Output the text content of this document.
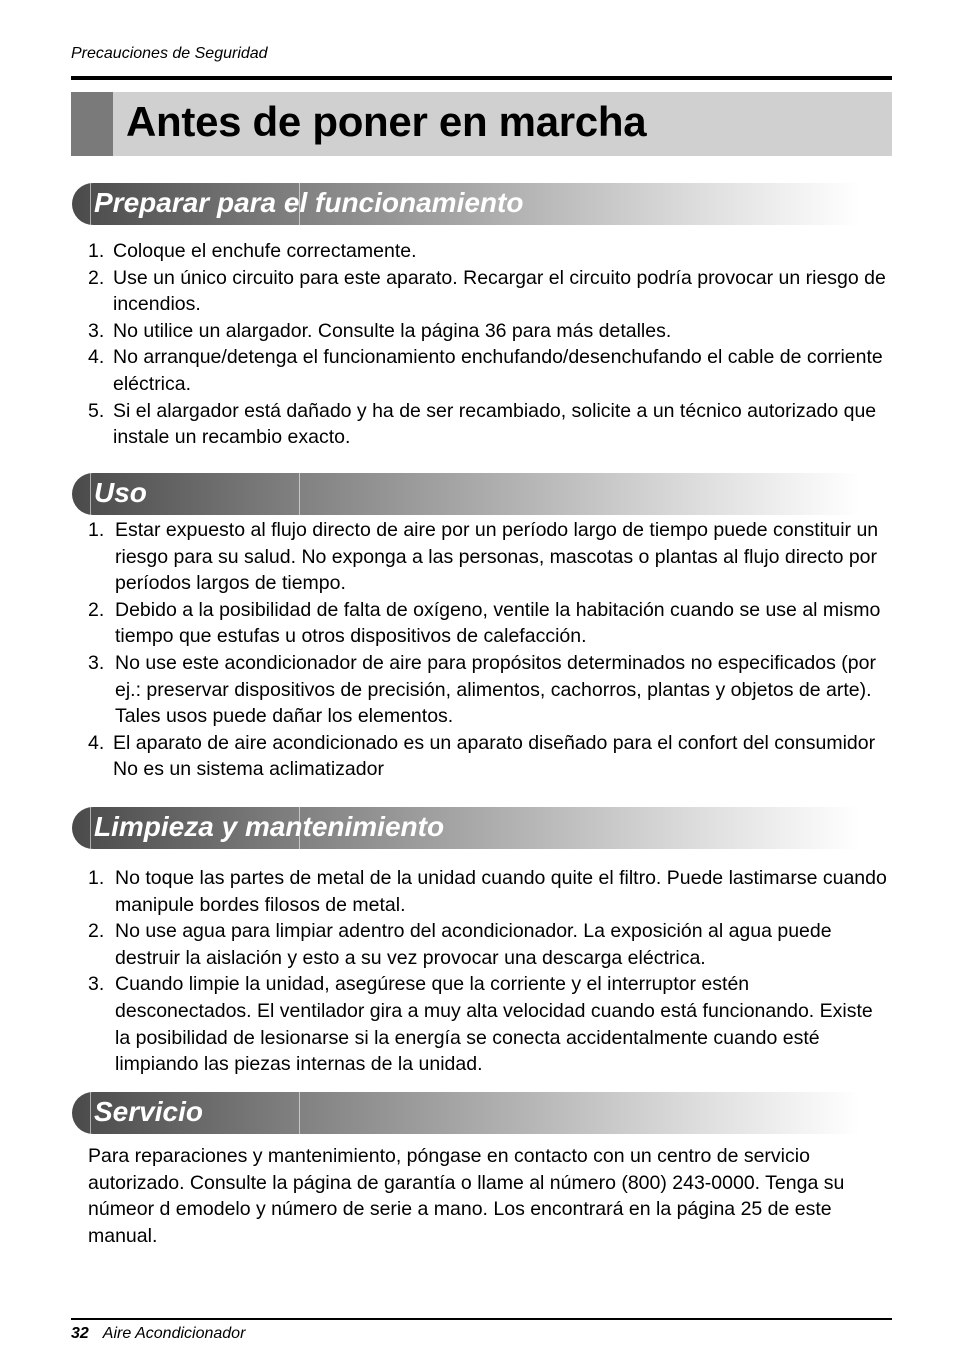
Precauciones de Seguridad
Antes de poner en marcha
Preparar para el funcionamiento
1. Coloque el enchufe correctamente.
2. Use un único circuito para este aparato. Recargar el circuito podría provocar un riesgo de incendios.
3. No utilice un alargador. Consulte la página 36 para más detalles.
4. No arranque/detenga el funcionamiento enchufando/desenchufando el cable de corriente eléctrica.
5. Si el alargador está dañado y ha de ser recambiado, solicite a un técnico autorizado que instale un recambio exacto.
Uso
1. Estar expuesto al flujo directo de aire por un período largo de tiempo puede constituir un riesgo para su salud. No exponga a las personas, mascotas o plantas al flujo directo por períodos largos de tiempo.
2. Debido a la posibilidad de falta de oxígeno, ventile la habitación cuando se use al mismo tiempo que estufas u otros dispositivos de calefacción.
3. No use este acondicionador de aire para propósitos determinados no especificados (por ej.: preservar dispositivos de precisión, alimentos, cachorros, plantas y objetos de arte). Tales usos puede dañar los elementos.
4. El aparato de aire acondicionado es un aparato diseñado para el confort del consumidor No es un sistema aclimatizador
Limpieza y mantenimiento
1. No toque las partes de metal de la unidad cuando quite el filtro. Puede lastimarse cuando manipule bordes filosos de metal.
2. No use agua para limpiar adentro del acondicionador. La exposición al agua puede destruir la aislación y esto a su vez provocar una descarga eléctrica.
3. Cuando limpie la unidad, asegúrese que la corriente y el interruptor estén desconectados. El ventilador gira a muy alta velocidad cuando está funcionando. Existe la posibilidad de lesionarse si la energía se conecta accidentalmente cuando esté limpiando las piezas internas de la unidad.
Servicio

Para reparaciones y mantenimiento, póngase en contacto con un centro de servicio autorizado. Consulte la página de garantía o llame al número (800) 243-0000. Tenga su númeor d emodelo y número de serie a mano. Los encontrará en la página 25 de este manual.

32 Aire Acondicionador
